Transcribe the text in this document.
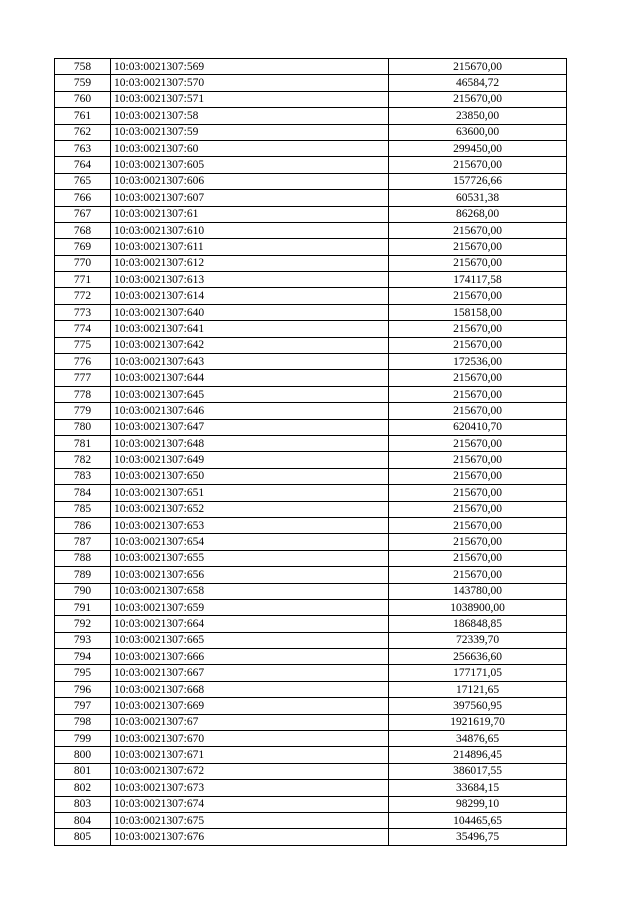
758	10:03:0021307:569	215670,00
759	10:03:0021307:570	46584,72
760	10:03:0021307:571	215670,00
761	10:03:0021307:58	23850,00
762	10:03:0021307:59	63600,00
763	10:03:0021307:60	299450,00
764	10:03:0021307:605	215670,00
765	10:03:0021307:606	157726,66
766	10:03:0021307:607	60531,38
767	10:03:0021307:61	86268,00
768	10:03:0021307:610	215670,00
769	10:03:0021307:611	215670,00
770	10:03:0021307:612	215670,00
771	10:03:0021307:613	174117,58
772	10:03:0021307:614	215670,00
773	10:03:0021307:640	158158,00
774	10:03:0021307:641	215670,00
775	10:03:0021307:642	215670,00
776	10:03:0021307:643	172536,00
777	10:03:0021307:644	215670,00
778	10:03:0021307:645	215670,00
779	10:03:0021307:646	215670,00
780	10:03:0021307:647	620410,70
781	10:03:0021307:648	215670,00
782	10:03:0021307:649	215670,00
783	10:03:0021307:650	215670,00
784	10:03:0021307:651	215670,00
785	10:03:0021307:652	215670,00
786	10:03:0021307:653	215670,00
787	10:03:0021307:654	215670,00
788	10:03:0021307:655	215670,00
789	10:03:0021307:656	215670,00
790	10:03:0021307:658	143780,00
791	10:03:0021307:659	1038900,00
792	10:03:0021307:664	186848,85
793	10:03:0021307:665	72339,70
794	10:03:0021307:666	256636,60
795	10:03:0021307:667	177171,05
796	10:03:0021307:668	17121,65
797	10:03:0021307:669	397560,95
798	10:03:0021307:67	1921619,70
799	10:03:0021307:670	34876,65
800	10:03:0021307:671	214896,45
801	10:03:0021307:672	386017,55
802	10:03:0021307:673	33684,15
803	10:03:0021307:674	98299,10
804	10:03:0021307:675	104465,65
805	10:03:0021307:676	35496,75
